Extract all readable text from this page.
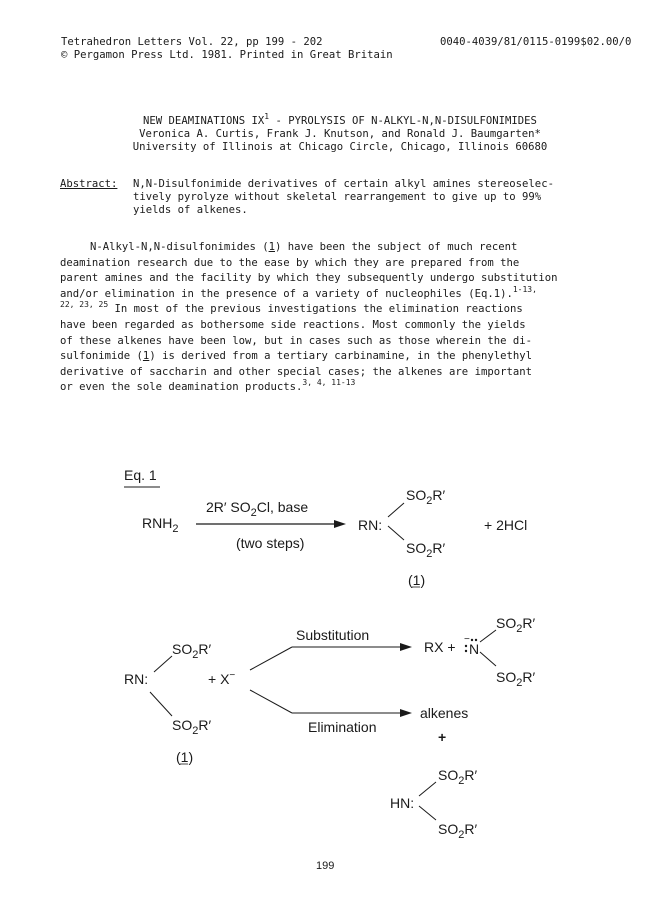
Tetrahedron Letters Vol. 22, pp 199 - 202
© Pergamon Press Ltd. 1981. Printed in Great Britain
0040-4039/81/0115-0199$02.00/0
NEW DEAMINATIONS $IX^1$ - PYROLYSIS OF N-ALKYL-N,N-DISULFONIMIDES
Veronica A. Curtis, Frank J. Knutson, and Ronald J. Baumgarten*
University of Illinois at Chicago Circle, Chicago, Illinois 60680
Abstract: N,N-Disulfonimide derivatives of certain alkyl amines stereoselec-
tively pyrolyze without skeletal rearrangement to give up to 99%
yields of alkenes.
N-Alkyl-N,N-disulfonimides (1) have been the subject of much recent
deamination research due to the ease by which they are prepared from the
parent amines and the facility by which they subsequently undergo substitution
and/or elimination in the presence of a variety of nucleophiles (Eq.1).$^{1-13,}$
$^{22, 23, 25}$ In most of the previous investigations the elimination reactions
have been regarded as bothersome side reactions. Most commonly the yields
of these alkenes have been low, but in cases such as those wherein the di-
sulfonimide (1) is derived from a tertiary carbinamine, in the phenylethyl
derivative of saccharin and other special cases; the alkenes are important
or even the sole deamination products.$^{3, 4, 11-13}$
Eq. 1
$RNH_2$
2R′ $SO_2Cl$, base
(two steps)
RN:
$SO_2R'$
$SO_2R'$
+ 2HCl
(1)
RN:
$SO_2R'$
$SO_2R'$
+ X−
(1)
Substitution
Elimination
RX + −
N
$SO_2R'$
$SO_2R'$
alkenes
+
HN:
$SO_2R'$
$SO_2R'$
199
